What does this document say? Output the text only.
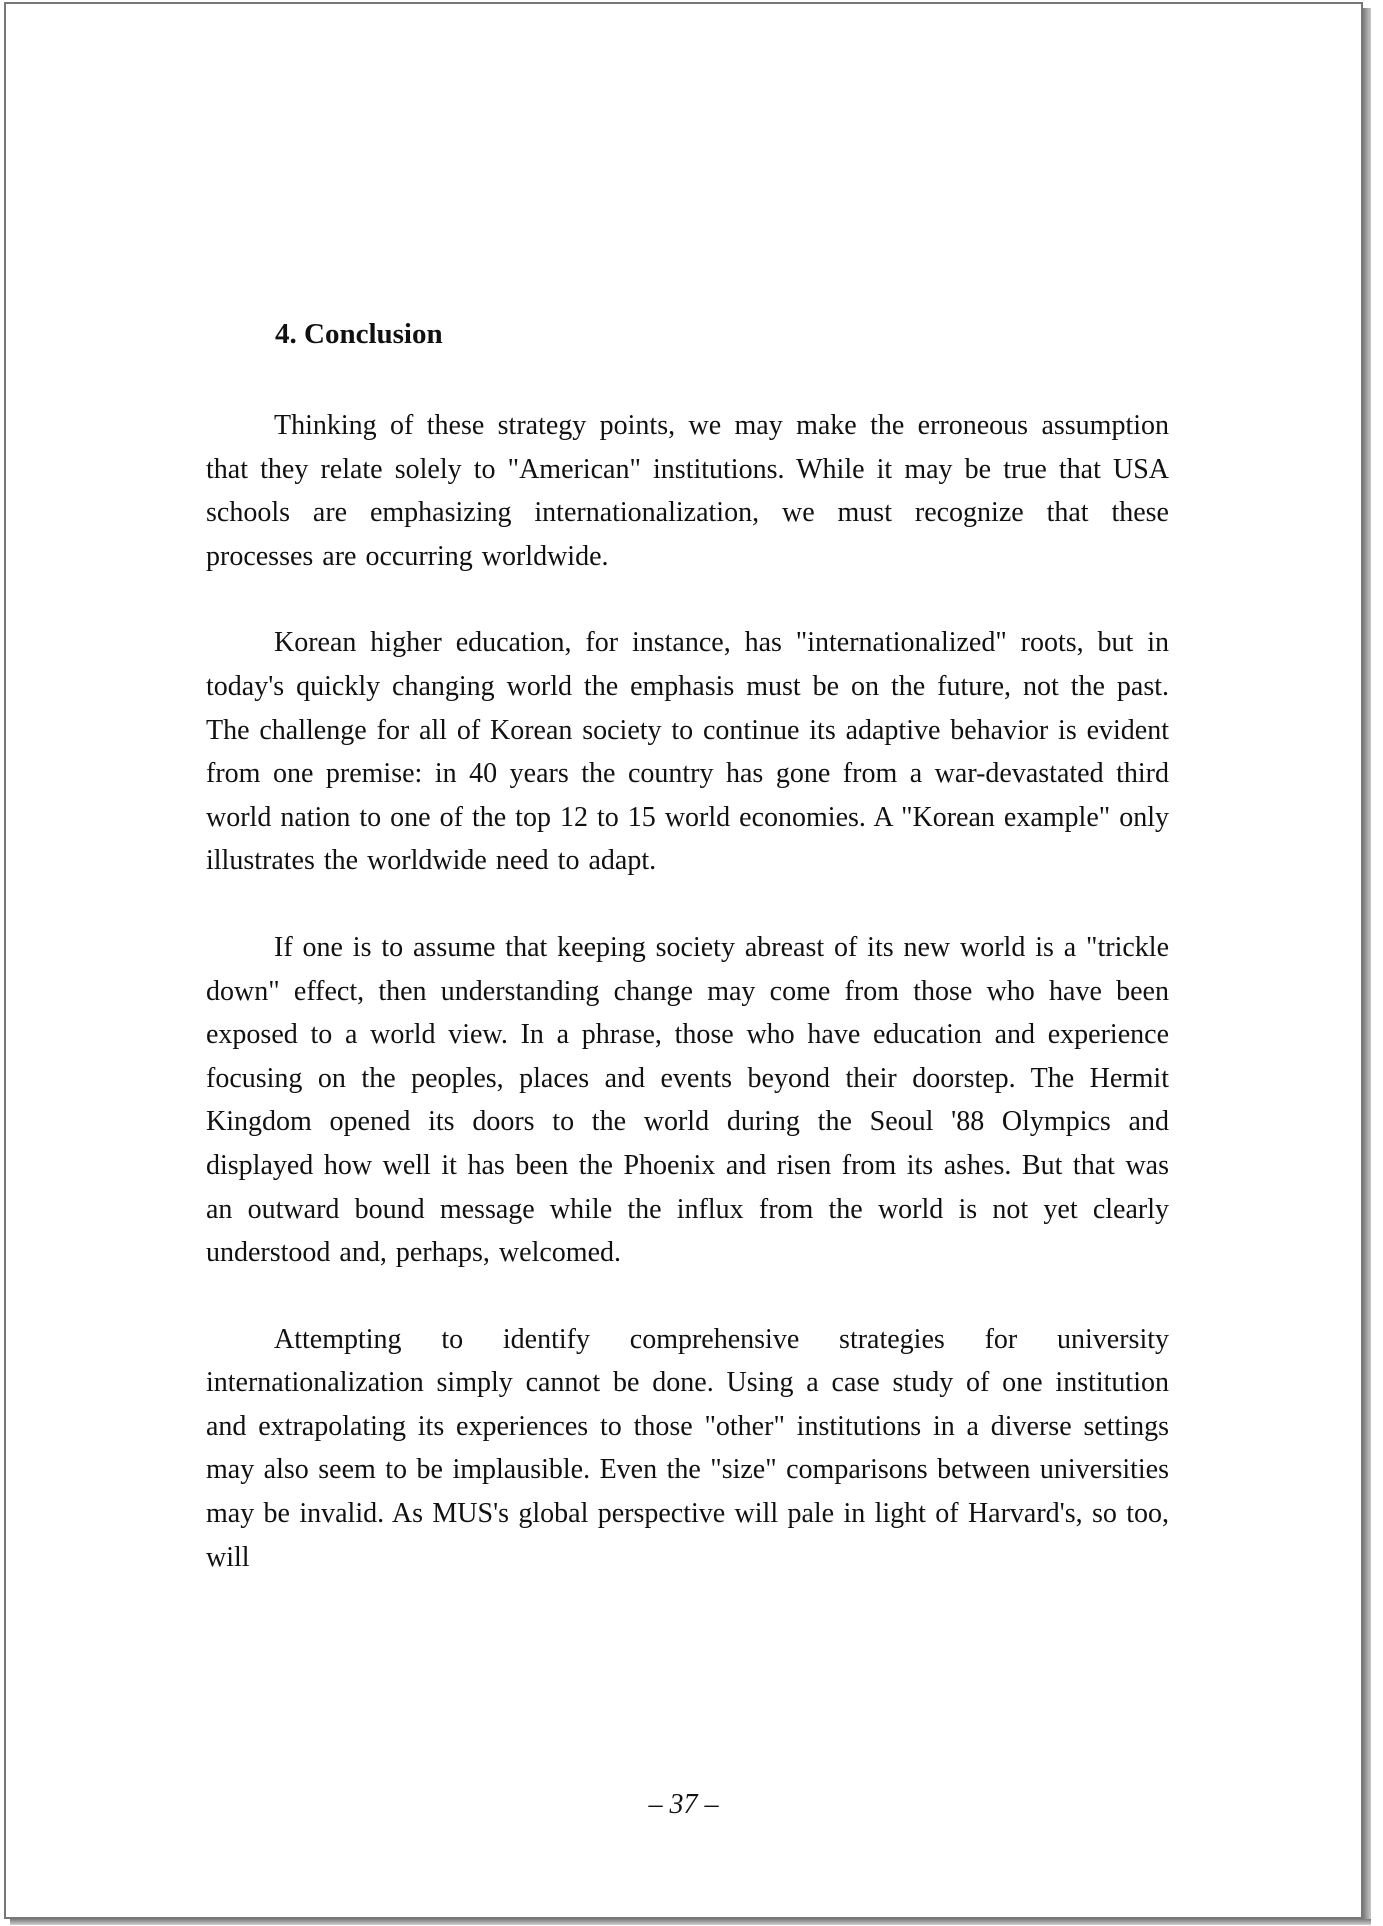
4. Conclusion

Thinking of these strategy points, we may make the erroneous assumption that they relate solely to "American" institutions. While it may be true that USA schools are emphasizing internationalization, we must recognize that these processes are occurring worldwide.

Korean higher education, for instance, has "internationalized" roots, but in today's quickly changing world the emphasis must be on the future, not the past. The challenge for all of Korean society to continue its adaptive behavior is evident from one premise: in 40 years the country has gone from a war-devastated third world nation to one of the top 12 to 15 world economies. A "Korean example" only illustrates the worldwide need to adapt.

If one is to assume that keeping society abreast of its new world is a "trickle down" effect, then understanding change may come from those who have been exposed to a world view. In a phrase, those who have education and experience focusing on the peoples, places and events beyond their doorstep. The Hermit Kingdom opened its doors to the world during the Seoul '88 Olympics and displayed how well it has been the Phoenix and risen from its ashes. But that was an outward bound message while the influx from the world is not yet clearly understood and, perhaps, welcomed.

Attempting to identify comprehensive strategies for university internationalization simply cannot be done. Using a case study of one institution and extrapolating its experiences to those "other" institutions in a diverse settings may also seem to be implausible. Even the "size" comparisons between universities may be invalid. As MUS's global perspective will pale in light of Harvard's, so too, will

– 37 –
